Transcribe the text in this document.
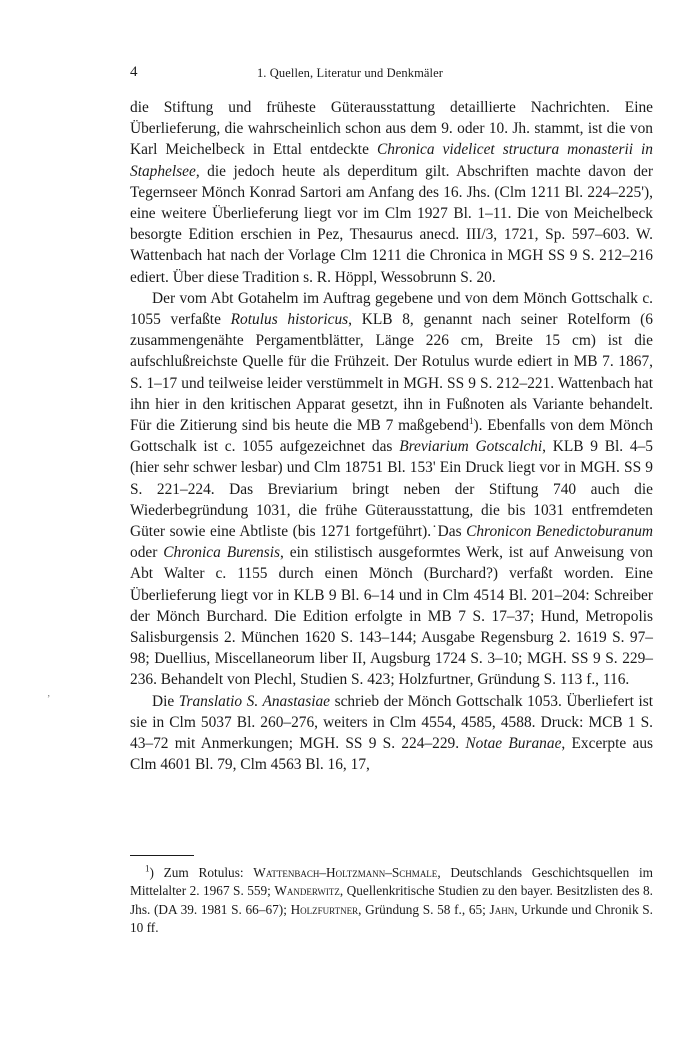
4	1. Quellen, Literatur und Denkmäler

die Stiftung und früheste Güterausstattung detaillierte Nachrichten. Eine Überlieferung, die wahrscheinlich schon aus dem 9. oder 10. Jh. stammt, ist die von Karl Meichelbeck in Ettal entdeckte Chronica videlicet structura monasterii in Staphelsee, die jedoch heute als deperditum gilt. Abschriften machte davon der Tegernseer Mönch Konrad Sartori am Anfang des 16. Jhs. (Clm 1211 Bl. 224–225'), eine weitere Überlieferung liegt vor im Clm 1927 Bl. 1–11. Die von Meichelbeck besorgte Edition erschien in Pez, Thesaurus anecd. III/3, 1721, Sp. 597–603. W. Wattenbach hat nach der Vorlage Clm 1211 die Chronica in MGH SS 9 S. 212–216 ediert. Über diese Tradition s. R. Höppl, Wessobrunn S. 20.

Der vom Abt Gotahelm im Auftrag gegebene und von dem Mönch Gottschalk c. 1055 verfaßte Rotulus historicus, KLB 8, genannt nach seiner Rotelform (6 zusammengenähte Pergamentblätter, Länge 226 cm, Breite 15 cm) ist die aufschlußreichste Quelle für die Frühzeit. Der Rotulus wurde ediert in MB 7. 1867, S. 1–17 und teilweise leider verstümmelt in MGH. SS 9 S. 212–221. Wattenbach hat ihn hier in den kritischen Apparat gesetzt, ihn in Fußnoten als Variante behandelt. Für die Zitierung sind bis heute die MB 7 maßgebend$^1$). Ebenfalls von dem Mönch Gottschalk ist c. 1055 aufgezeichnet das Breviarium Gotscalchi, KLB 9 Bl. 4–5 (hier sehr schwer lesbar) und Clm 18751 Bl. 153' Ein Druck liegt vor in MGH. SS 9 S. 221–224. Das Breviarium bringt neben der Stiftung 740 auch die Wiederbegründung 1031, die frühe Güterausstattung, die bis 1031 entfremdeten Güter sowie eine Abtliste (bis 1271 fortgeführt).˙Das Chronicon Benedictoburanum oder Chronica Burensis, ein stilistisch ausgeformtes Werk, ist auf Anweisung von Abt Walter c. 1155 durch einen Mönch (Burchard?) verfaßt worden. Eine Überlieferung liegt vor in KLB 9 Bl. 6–14 und in Clm 4514 Bl. 201–204: Schreiber der Mönch Burchard. Die Edition erfolgte in MB 7 S. 17–37; Hund, Metropolis Salisburgensis 2. München 1620 S. 143–144; Ausgabe Regensburg 2. 1619 S. 97–98; Duellius, Miscellaneorum liber II, Augsburg 1724 S. 3–10; MGH. SS 9 S. 229–236. Behandelt von Plechl, Studien S. 423; Holzfurtner, Gründung S. 113 f., 116.

Die Translatio S. Anastasiae schrieb der Mönch Gottschalk 1053. Überliefert ist sie in Clm 5037 Bl. 260–276, weiters in Clm 4554, 4585, 4588. Druck: MCB 1 S. 43–72 mit Anmerkungen; MGH. SS 9 S. 224–229. Notae Buranae, Excerpte aus Clm 4601 Bl. 79, Clm 4563 Bl. 16, 17,

$^1$) Zum Rotulus: Wattenbach–Holtzmann–Schmale, Deutschlands Geschichtsquellen im Mittelalter 2. 1967 S. 559; Wanderwitz, Quellenkritische Studien zu den bayer. Besitzlisten des 8. Jhs. (DA 39. 1981 S. 66–67); Holzfurtner, Gründung S. 58 f., 65; Jahn, Urkunde und Chronik S. 10 ff.

‚
